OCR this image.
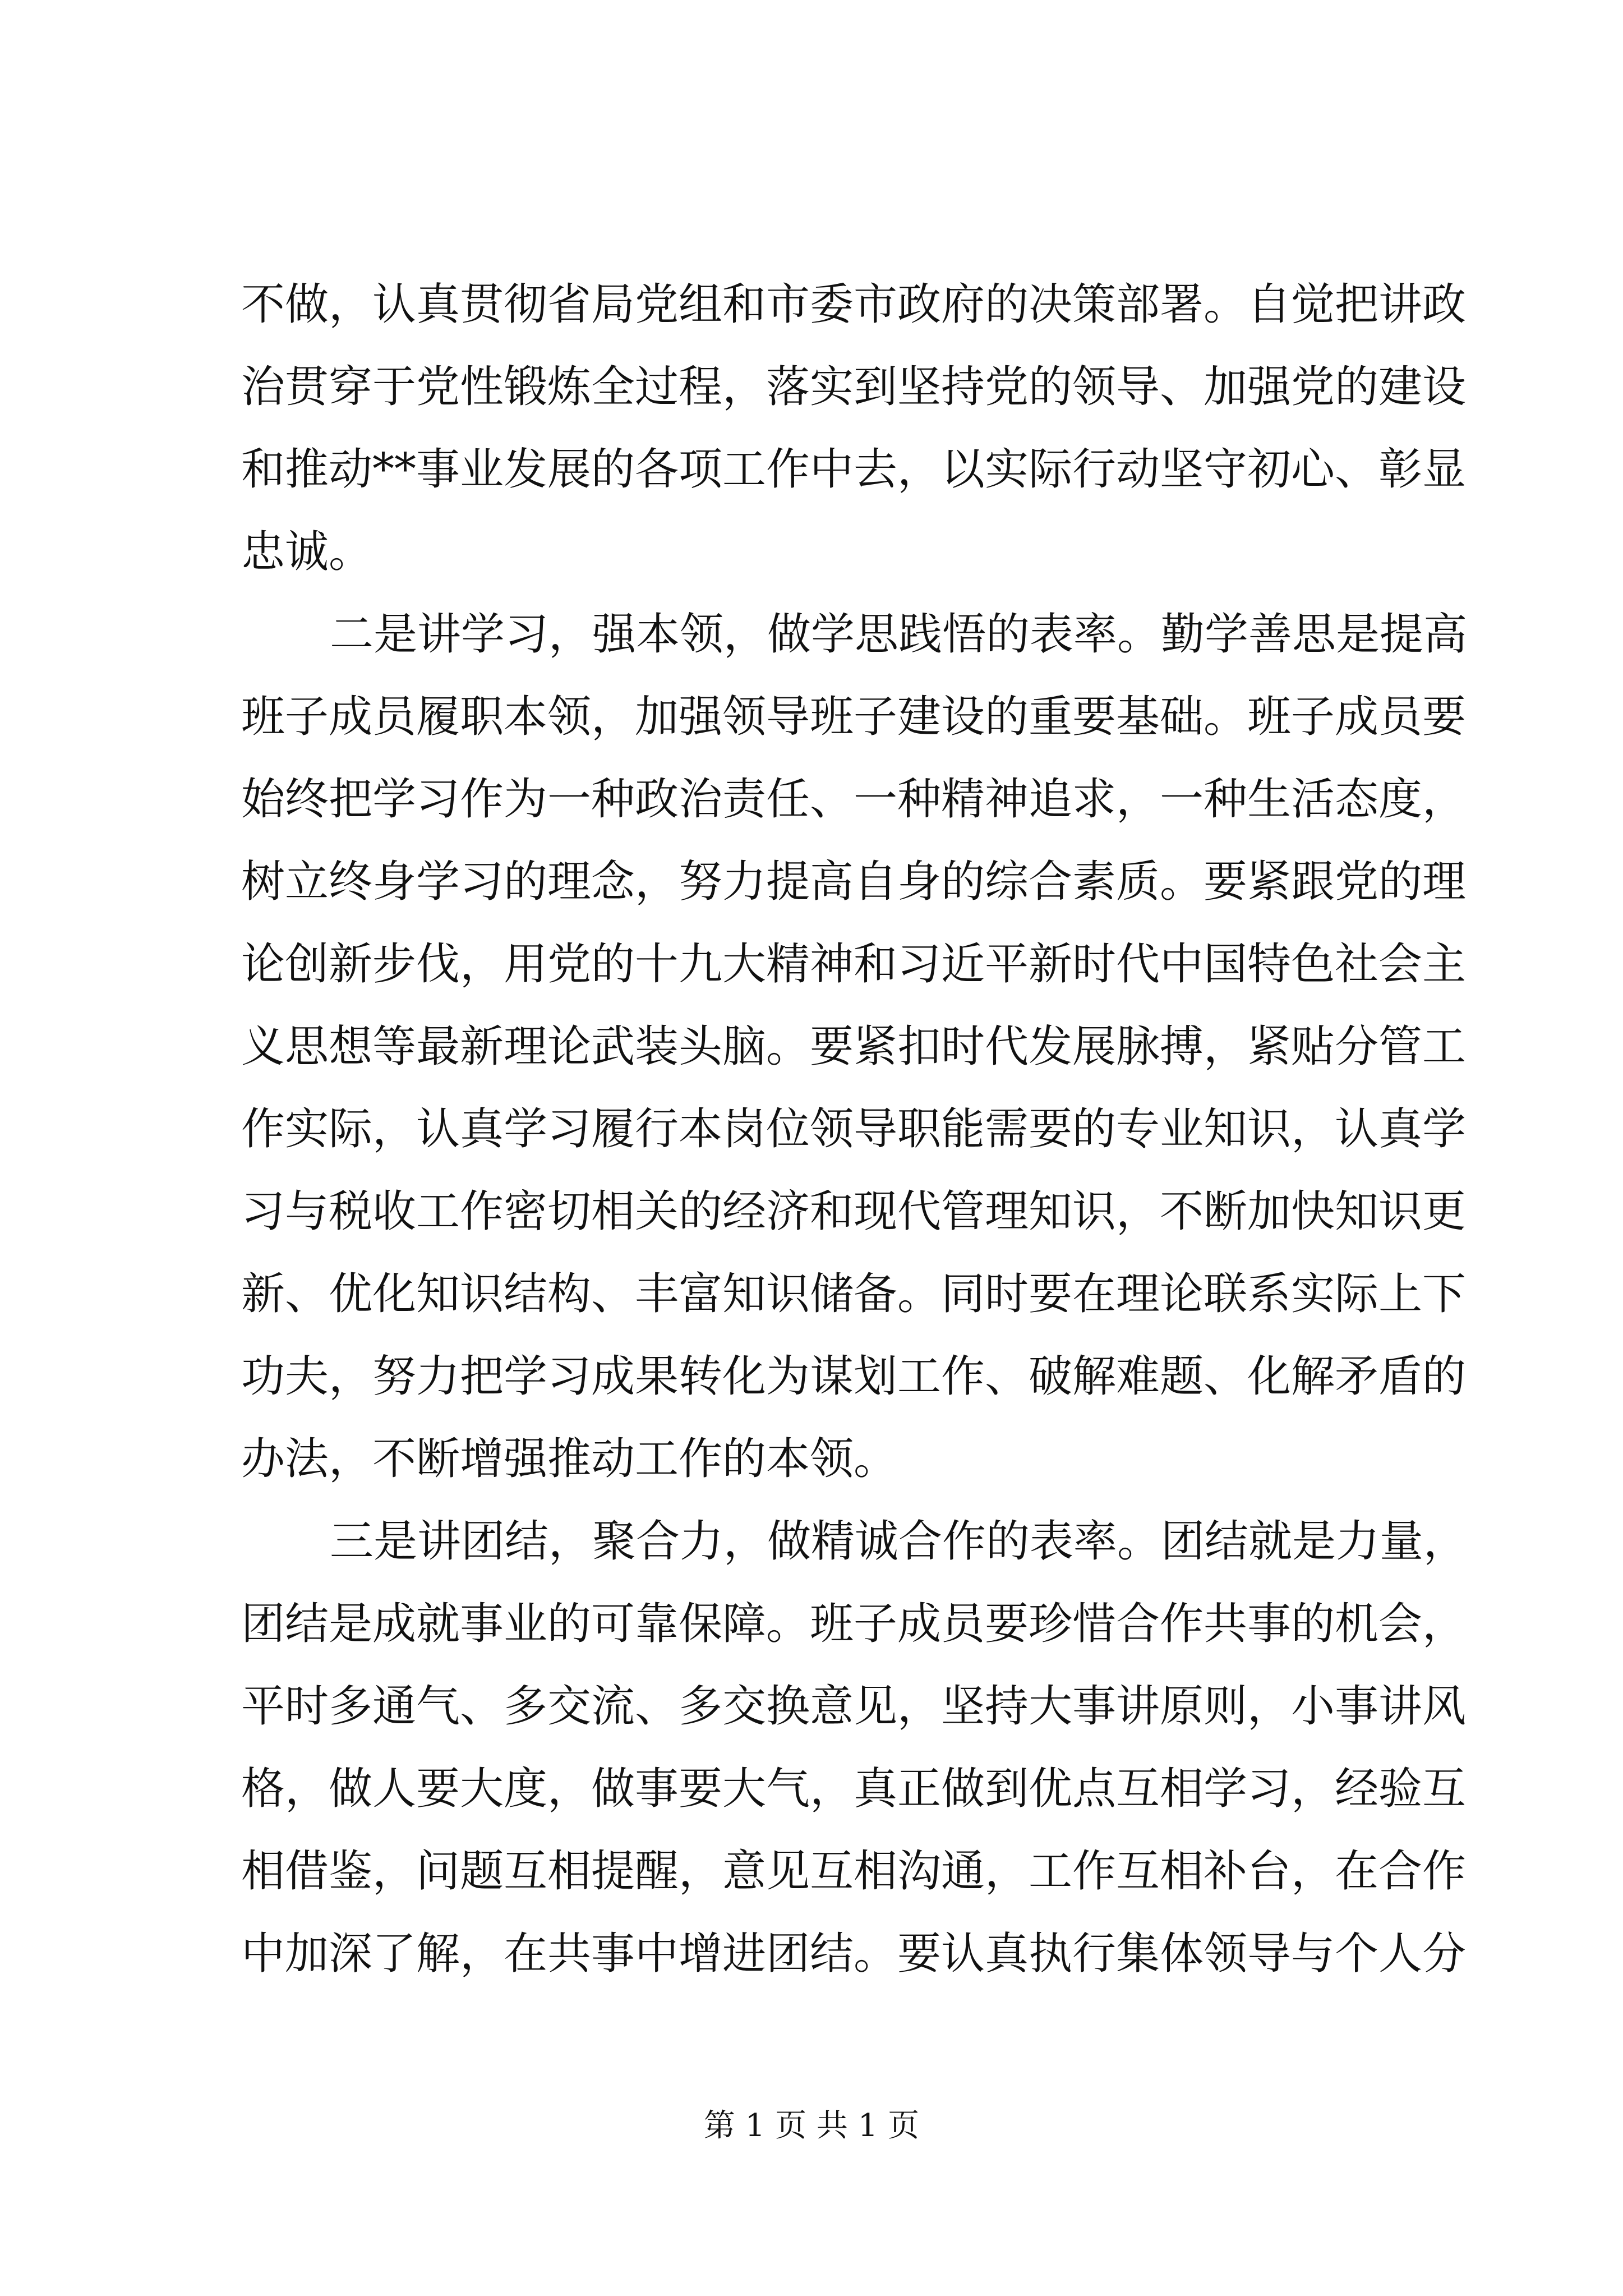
不做，认真贯彻省局党组和市委市政府的决策部署。自觉把讲政
治贯穿于党性锻炼全过程，落实到坚持党的领导、加强党的建设
和推动**事业发展的各项工作中去，以实际行动坚守初心、彰显
忠诚。
二是讲学习，强本领，做学思践悟的表率。勤学善思是提高
班子成员履职本领，加强领导班子建设的重要基础。班子成员要
始终把学习作为一种政治责任、一种精神追求，一种生活态度，
树立终身学习的理念，努力提高自身的综合素质。要紧跟党的理
论创新步伐，用党的十九大精神和习近平新时代中国特色社会主
义思想等最新理论武装头脑。要紧扣时代发展脉搏，紧贴分管工
作实际，认真学习履行本岗位领导职能需要的专业知识，认真学
习与税收工作密切相关的经济和现代管理知识，不断加快知识更
新、优化知识结构、丰富知识储备。同时要在理论联系实际上下
功夫，努力把学习成果转化为谋划工作、破解难题、化解矛盾的
办法，不断增强推动工作的本领。
三是讲团结，聚合力，做精诚合作的表率。团结就是力量，
团结是成就事业的可靠保障。班子成员要珍惜合作共事的机会，
平时多通气、多交流、多交换意见，坚持大事讲原则，小事讲风
格，做人要大度，做事要大气，真正做到优点互相学习，经验互
相借鉴，问题互相提醒，意见互相沟通，工作互相补台，在合作
中加深了解，在共事中增进团结。要认真执行集体领导与个人分
第 1 页 共 1 页
